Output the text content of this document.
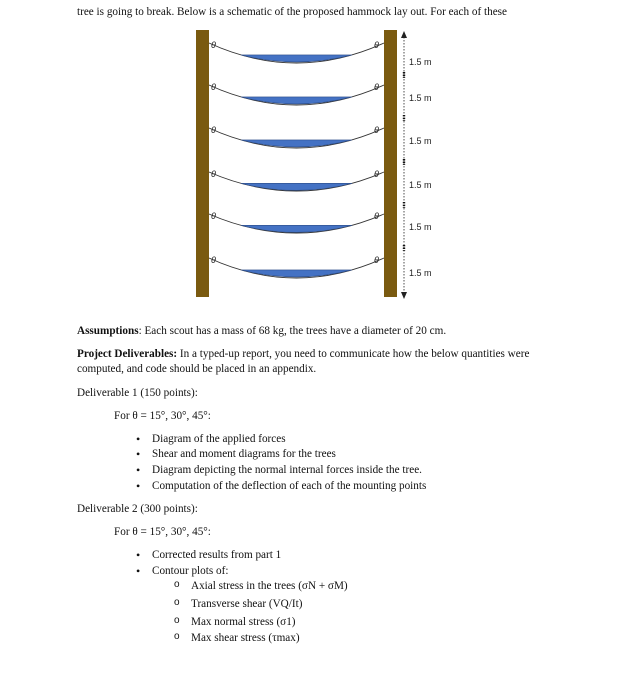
tree is going to break. Below is a schematic of the proposed hammock lay out. For each of these
θ	θ
θ	θ
θ	θ
θ	θ
θ	θ
θ	θ
1.5 m
1.5 m
1.5 m
1.5 m
1.5 m
1.5 m
Assumptions: Each scout has a mass of 68 kg, the trees have a diameter of 20 cm.
Project Deliverables: In a typed-up report, you need to communicate how the below quantities were
computed, and code should be placed in an appendix.
Deliverable 1 (150 points):
For θ = 15°, 30°, 45°:
• Diagram of the applied forces
• Shear and moment diagrams for the trees
• Diagram depicting the normal internal forces inside the tree.
• Computation of the deflection of each of the mounting points
Deliverable 2 (300 points):
For θ = 15°, 30°, 45°:
• Corrected results from part 1
• Contour plots of:
o Axial stress in the trees (σN + σM)
o Transverse shear (VQ/It)
o Max normal stress (σ1)
o Max shear stress (τmax)
